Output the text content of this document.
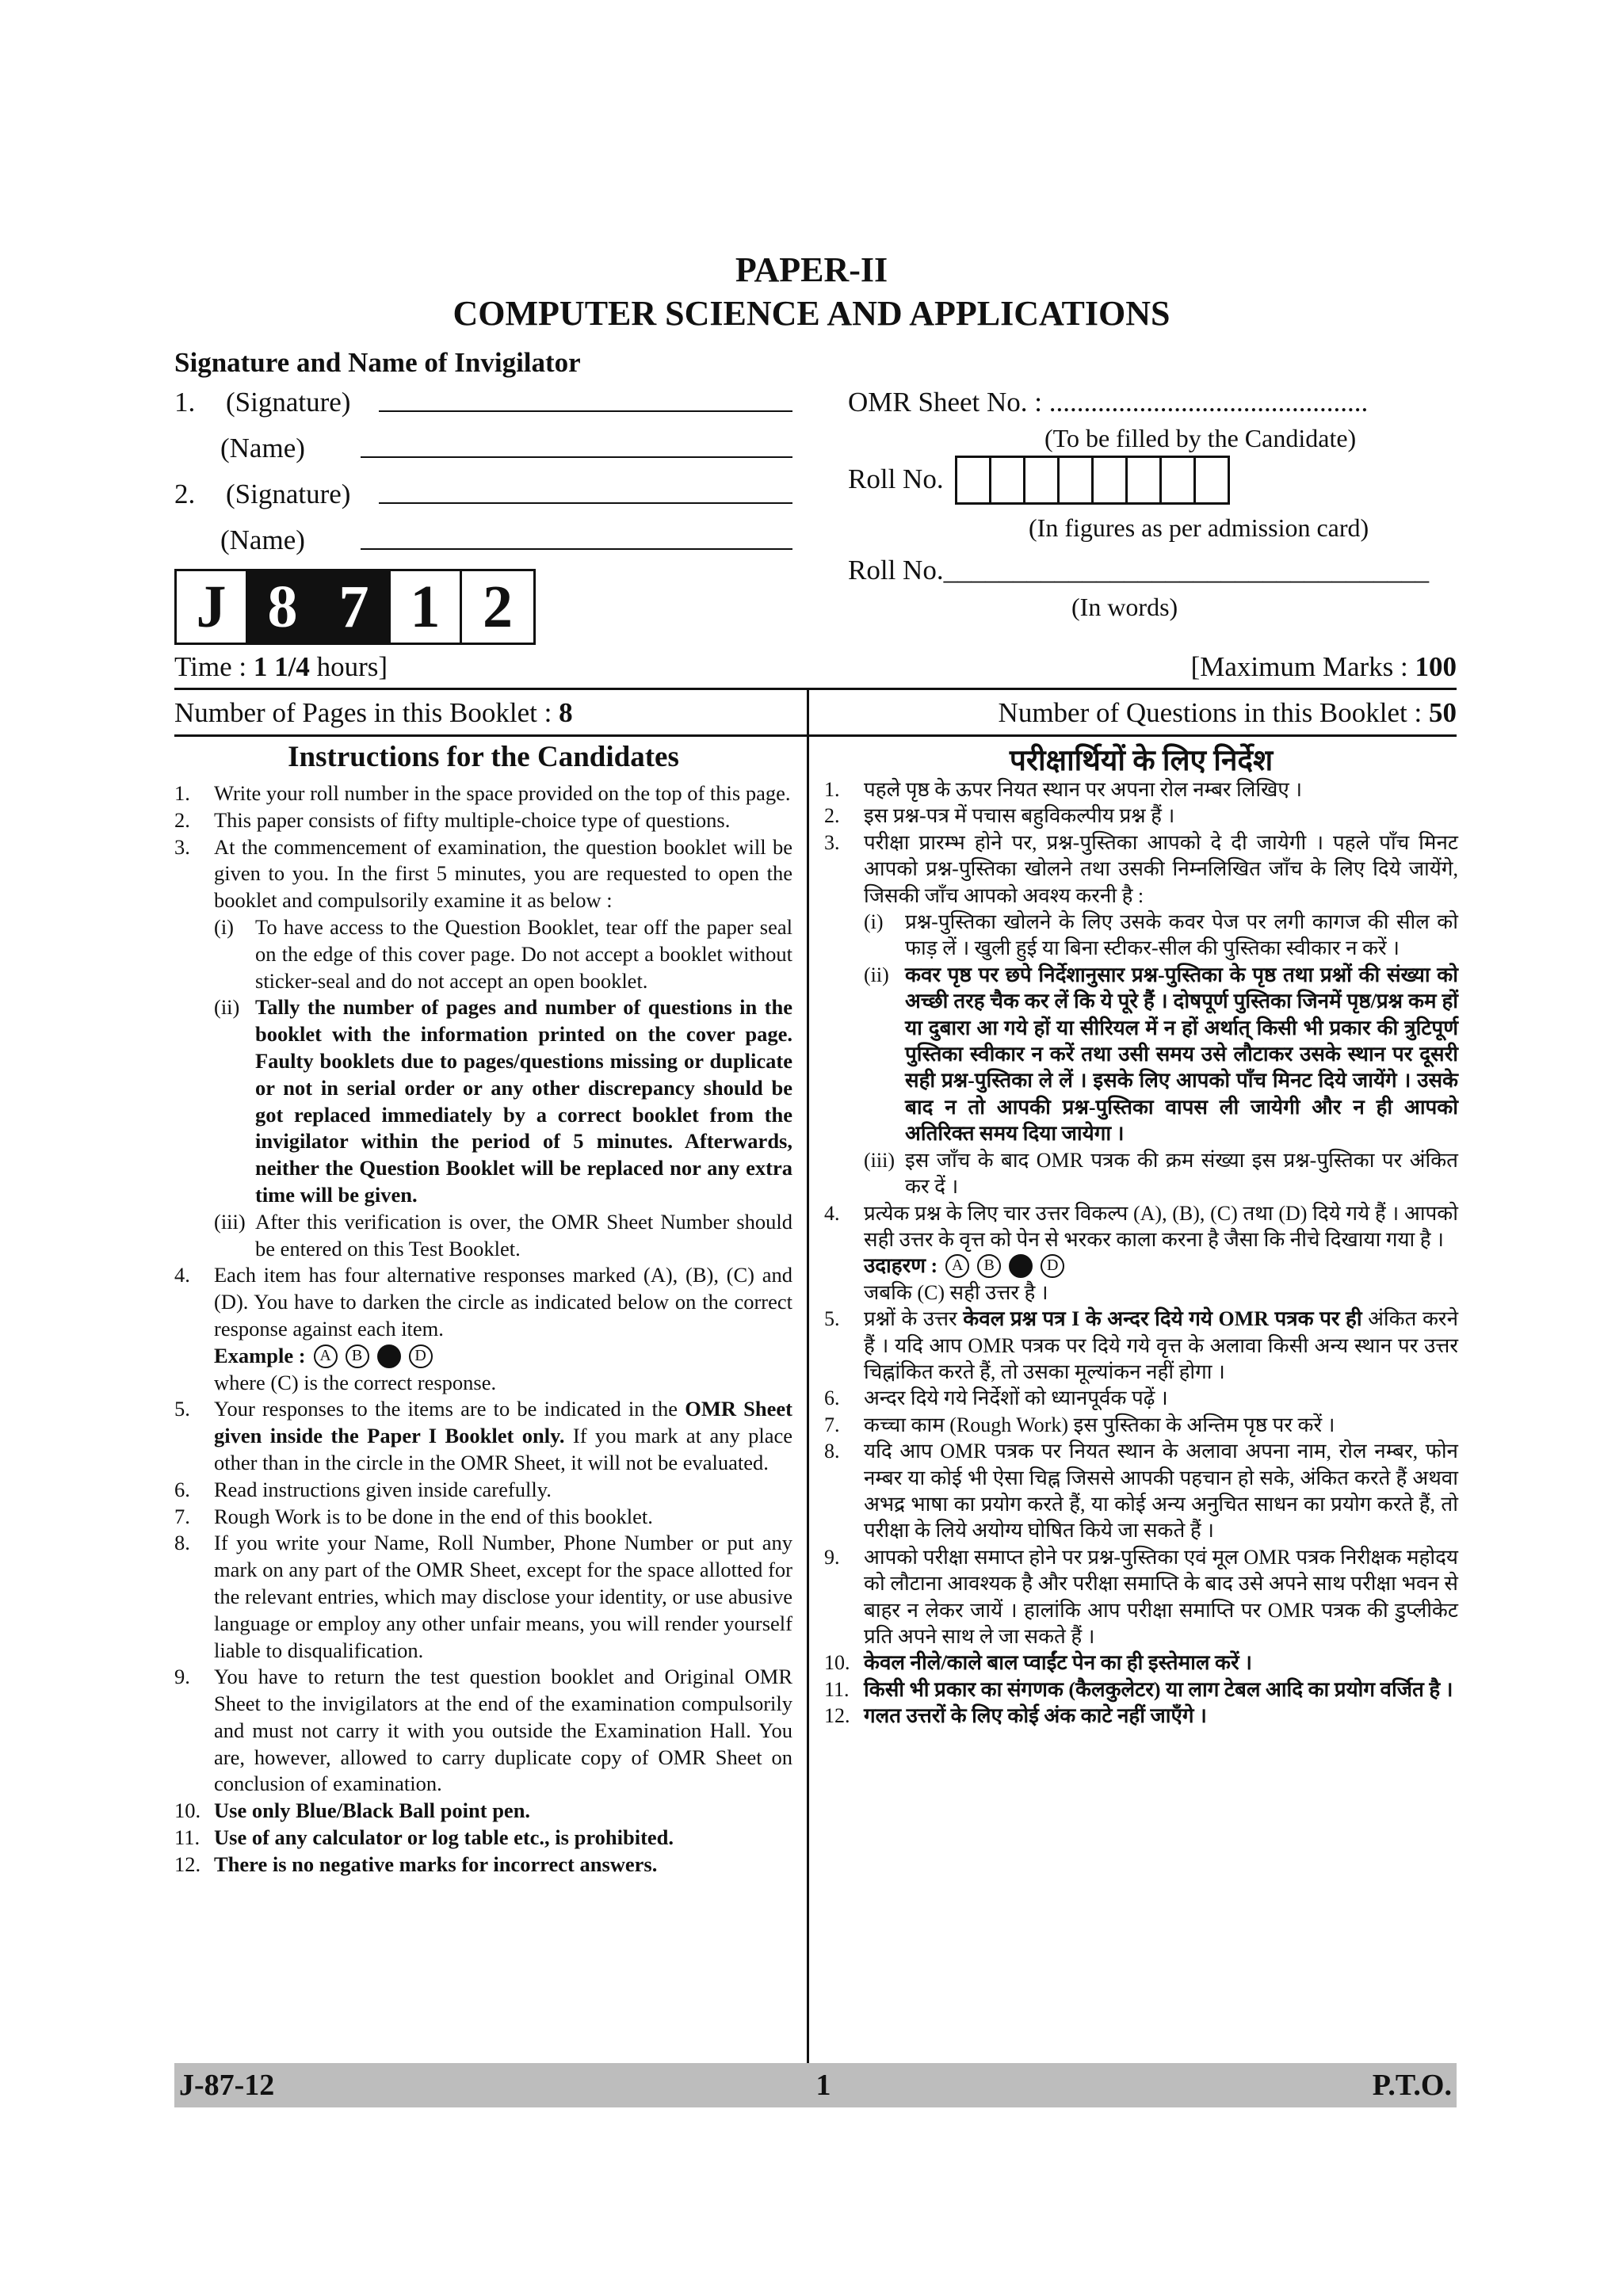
PAPER-II
COMPUTER SCIENCE AND APPLICATIONS
Signature and Name of Invigilator
1. (Signature)
(Name)
2. (Signature)
(Name)
OMR Sheet No. : ..............................................
(To be filled by the Candidate)
Roll No.
(In figures as per admission card)
Roll No.___________________________________
(In words)
J 8 7 1 2
Time : 1 1/4 hours]	[Maximum Marks : 100
Number of Pages in this Booklet : 8	Number of Questions in this Booklet : 50
Instructions for the Candidates	परीक्षार्थियों के लिए निर्देश
1.	Write your roll number in the space provided on the top of this page.
2.	This paper consists of fifty multiple-choice type of questions.
3.	At the commencement of examination, the question booklet will be given to you. In the first 5 minutes, you are requested to open the booklet and compulsorily examine it as below :
(i)	To have access to the Question Booklet, tear off the paper seal on the edge of this cover page. Do not accept a booklet without sticker-seal and do not accept an open booklet.
(ii) Tally the number of pages and number of questions in the booklet with the information printed on the cover page. Faulty booklets due to pages/questions missing or duplicate or not in serial order or any other discrepancy should be got replaced immediately by a correct booklet from the invigilator within the period of 5 minutes. Afterwards, neither the Question Booklet will be replaced nor any extra time will be given.
(iii) After this verification is over, the OMR Sheet Number should be entered on this Test Booklet.
4.	Each item has four alternative responses marked (A), (B), (C) and (D). You have to darken the circle as indicated below on the correct response against each item.
Example : A	B	D
where (C) is the correct response.
5.	Your responses to the items are to be indicated in the OMR Sheet given inside the Paper I Booklet only. If you mark at any place other than in the circle in the OMR Sheet, it will not be evaluated.
6.	Read instructions given inside carefully.
7.	Rough Work is to be done in the end of this booklet.
8.	If you write your Name, Roll Number, Phone Number or put any mark on any part of the OMR Sheet, except for the space allotted for the relevant entries, which may disclose your identity, or use abusive language or employ any other unfair means, you will render yourself liable to disqualification.
9.	You have to return the test question booklet and Original OMR Sheet to the invigilators at the end of the examination compulsorily and must not carry it with you outside the Examination Hall. You are, however, allowed to carry duplicate copy of OMR Sheet on conclusion of examination.
10. Use only Blue/Black Ball point pen.
11. Use of any calculator or log table etc., is prohibited.
12. There is no negative marks for incorrect answers.
1.	पहले पृष्ठ के ऊपर नियत स्थान पर अपना रोल नम्बर लिखिए ।
2.	इस प्रश्न-पत्र में पचास बहुविकल्पीय प्रश्न हैं ।
3.	परीक्षा प्रारम्भ होने पर, प्रश्न-पुस्तिका आपको दे दी जायेगी । पहले पाँच मिनट आपको प्रश्न-पुस्तिका खोलने तथा उसकी निम्नलिखित जाँच के लिए दिये जायेंगे, जिसकी जाँच आपको अवश्य करनी है :
(i)	प्रश्न-पुस्तिका खोलने के लिए उसके कवर पेज पर लगी कागज की सील को फाड़ लें । खुली हुई या बिना स्टीकर-सील की पुस्तिका स्वीकार न करें ।
(ii) कवर पृष्ठ पर छपे निर्देशानुसार प्रश्न-पुस्तिका के पृष्ठ तथा प्रश्नों की संख्या को अच्छी तरह चैक कर लें कि ये पूरे हैं । दोषपूर्ण पुस्तिका जिनमें पृष्ठ/प्रश्न कम हों या दुबारा आ गये हों या सीरियल में न हों अर्थात् किसी भी प्रकार की त्रुटिपूर्ण पुस्तिका स्वीकार न करें तथा उसी समय उसे लौटाकर उसके स्थान पर दूसरी सही प्रश्न-पुस्तिका ले लें । इसके लिए आपको पाँच मिनट दिये जायेंगे । उसके बाद न तो आपकी प्रश्न-पुस्तिका वापस ली जायेगी और न ही आपको अतिरिक्त समय दिया जायेगा ।
(iii) इस जाँच के बाद OMR पत्रक की क्रम संख्या इस प्रश्न-पुस्तिका पर अंकित कर दें ।
4.	प्रत्येक प्रश्न के लिए चार उत्तर विकल्प (A), (B), (C) तथा (D) दिये गये हैं । आपको सही उत्तर के वृत्त को पेन से भरकर काला करना है जैसा कि नीचे दिखाया गया है ।
उदाहरण : A	B	D
जबकि (C) सही उत्तर है ।
5.	प्रश्नों के उत्तर केवल प्रश्न पत्र I के अन्दर दिये गये OMR पत्रक पर ही अंकित करने हैं । यदि आप OMR पत्रक पर दिये गये वृत्त के अलावा किसी अन्य स्थान पर उत्तर चिह्नांकित करते हैं, तो उसका मूल्यांकन नहीं होगा ।
6.	अन्दर दिये गये निर्देशों को ध्यानपूर्वक पढ़ें ।
7.	कच्चा काम (Rough Work) इस पुस्तिका के अन्तिम पृष्ठ पर करें ।
8.	यदि आप OMR पत्रक पर नियत स्थान के अलावा अपना नाम, रोल नम्बर, फोन नम्बर या कोई भी ऐसा चिह्न जिससे आपकी पहचान हो सके, अंकित करते हैं अथवा अभद्र भाषा का प्रयोग करते हैं, या कोई अन्य अनुचित साधन का प्रयोग करते हैं, तो परीक्षा के लिये अयोग्य घोषित किये जा सकते हैं ।
9.	आपको परीक्षा समाप्त होने पर प्रश्न-पुस्तिका एवं मूल OMR पत्रक निरीक्षक महोदय को लौटाना आवश्यक है और परीक्षा समाप्ति के बाद उसे अपने साथ परीक्षा भवन से बाहर न लेकर जायें । हालांकि आप परीक्षा समाप्ति पर OMR पत्रक की डुप्लीकेट प्रति अपने साथ ले जा सकते हैं ।
10. केवल नीले/काले बाल प्वाईंट पेन का ही इस्तेमाल करें ।
11. किसी भी प्रकार का संगणक (कैलकुलेटर) या लाग टेबल आदि का प्रयोग वर्जित है ।
12. गलत उत्तरों के लिए कोई अंक काटे नहीं जाएँगे ।
J-87-12	1	P.T.O.
